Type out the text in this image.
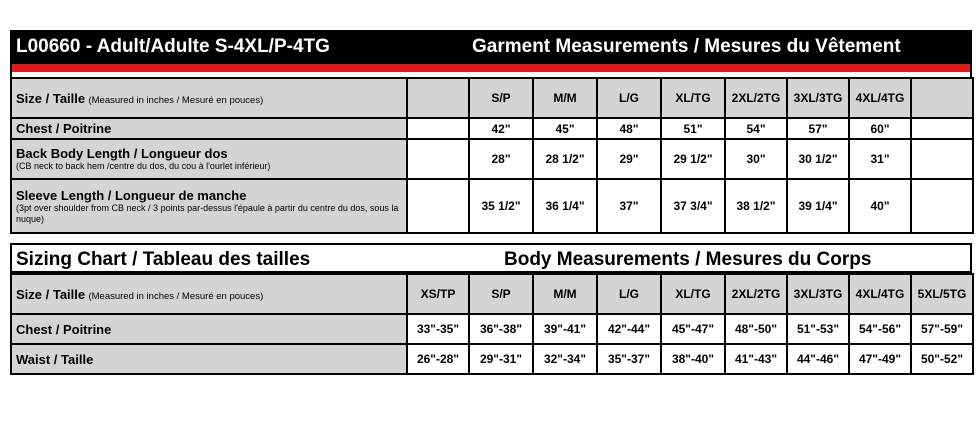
L00660 - Adult/Adulte S-4XL/P-4TG	Garment Measurements / Mesures du Vêtement
Size / Taille (Measured in inches / Mesuré en pouces)		S/P	M/M	L/G	XL/TG	2XL/2TG	3XL/3TG	4XL/4TG	
Chest / Poitrine		42"	45"	48"	51"	54"	57"	60"	
Back Body Length / Longueur dos
(CB neck to back hem /centre du dos, du cou à l'ourlet inférieur)		28"	28 1/2"	29"	29 1/2"	30"	30 1/2"	31"	
Sleeve Length / Longueur de manche
(3pt over shoulder from CB neck / 3 points par-dessus l'épaule à partir du centre du dos, sous la nuque)		35 1/2"	36 1/4"	37"	37 3/4"	38 1/2"	39 1/4"	40"	
Sizing Chart / Tableau des tailles	Body Measurements / Mesures du Corps
Size / Taille (Measured in inches / Mesuré en pouces)	XS/TP	S/P	M/M	L/G	XL/TG	2XL/2TG	3XL/3TG	4XL/4TG	5XL/5TG
Chest / Poitrine	33"-35"	36"-38"	39"-41"	42"-44"	45"-47"	48"-50"	51"-53"	54"-56"	57"-59"
Waist / Taille	26"-28"	29"-31"	32"-34"	35"-37"	38"-40"	41"-43"	44"-46"	47"-49"	50"-52"
